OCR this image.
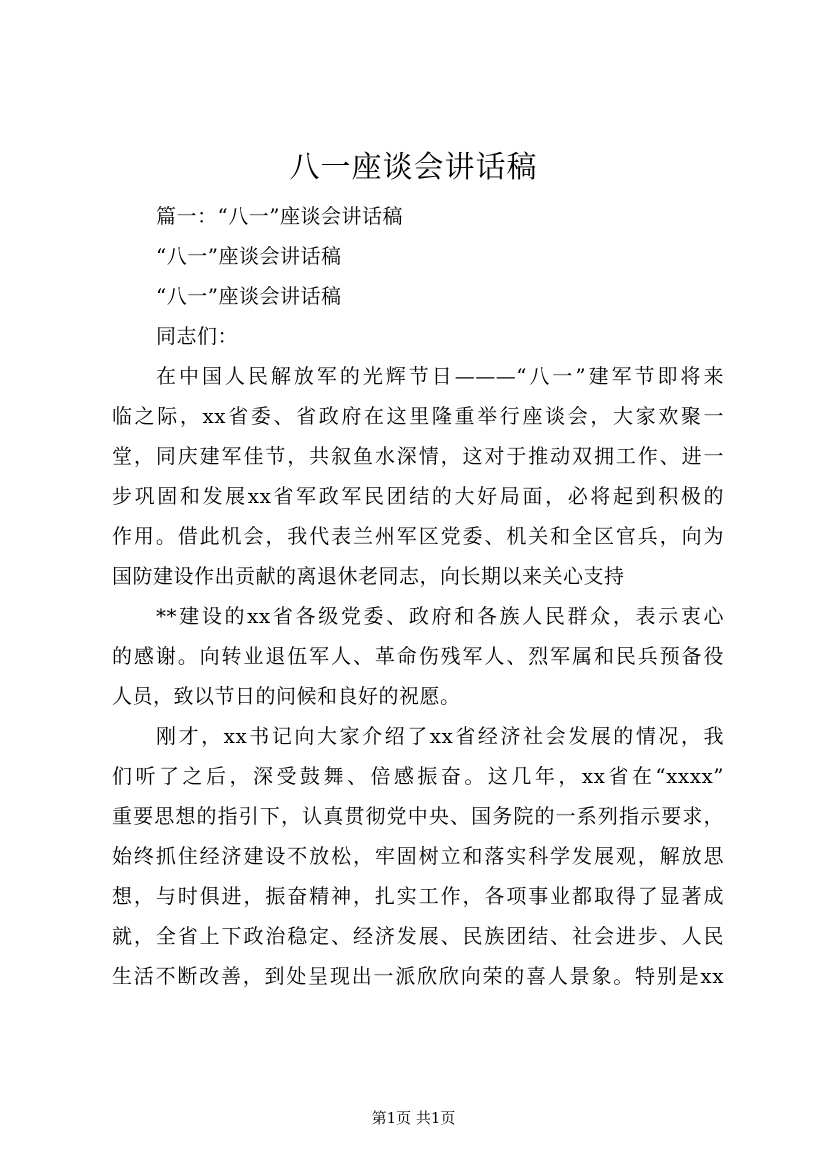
八一座谈会讲话稿
篇一：“八一”座谈会讲话稿
“八一”座谈会讲话稿
“八一”座谈会讲话稿
同志们：
在中国人民解放军的光辉节日———“八一”建军节即将来
临之际，xx省委、省政府在这里隆重举行座谈会，大家欢聚一
堂，同庆建军佳节，共叙鱼水深情，这对于推动双拥工作、进一
步巩固和发展xx省军政军民团结的大好局面，必将起到积极的
作用。借此机会，我代表兰州军区党委、机关和全区官兵，向为
国防建设作出贡献的离退休老同志，向长期以来关心支持
**建设的xx省各级党委、政府和各族人民群众，表示衷心
的感谢。向转业退伍军人、革命伤残军人、烈军属和民兵预备役
人员，致以节日的问候和良好的祝愿。
刚才，xx书记向大家介绍了xx省经济社会发展的情况，我
们听了之后，深受鼓舞、倍感振奋。这几年，xx省在“xxxx”
重要思想的指引下，认真贯彻党中央、国务院的一系列指示要求，
始终抓住经济建设不放松，牢固树立和落实科学发展观，解放思
想，与时俱进，振奋精神，扎实工作，各项事业都取得了显著成
就，全省上下政治稳定、经济发展、民族团结、社会进步、人民
生活不断改善，到处呈现出一派欣欣向荣的喜人景象。特别是xx
第1页 共1页
